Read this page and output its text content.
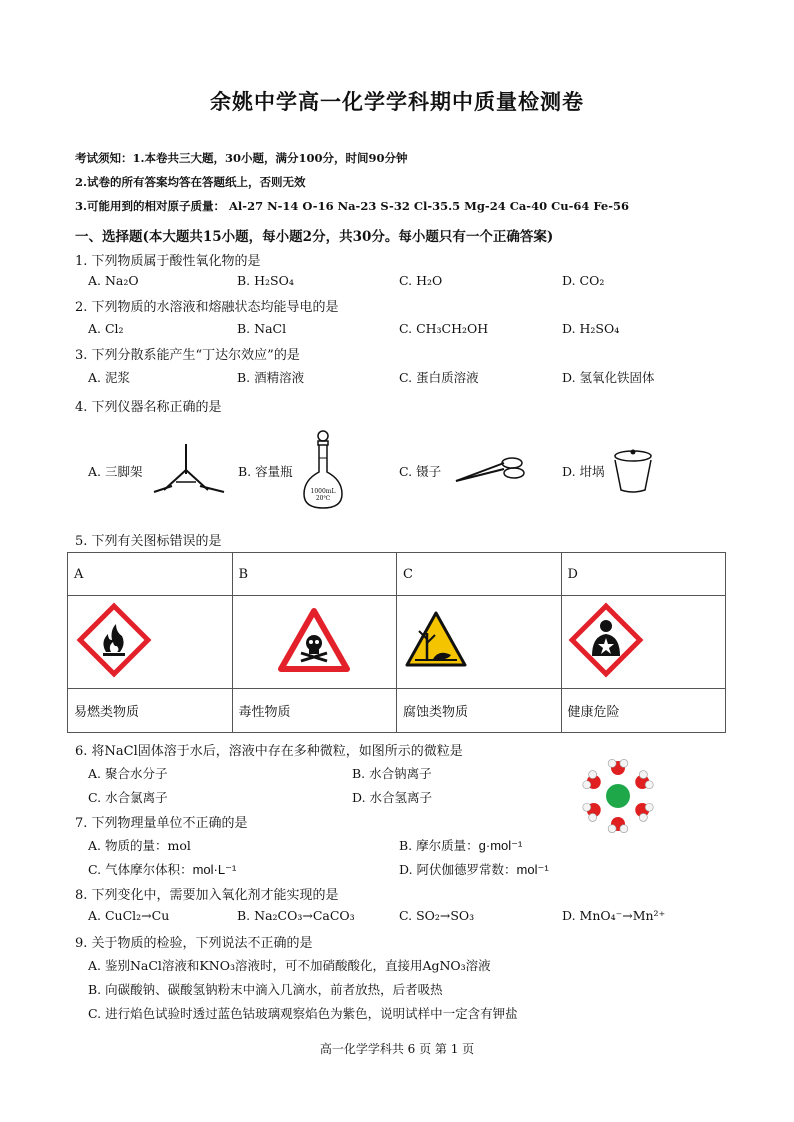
余姚中学高一化学学科期中质量检测卷
考试须知：1.本卷共三大题，30小题，满分100分，时间90分钟
2.试卷的所有答案均答在答题纸上，否则无效
3.可能用到的相对原子质量： Al-27 N-14 O-16 Na-23 S-32 Cl-35.5 Mg-24 Ca-40 Cu-64 Fe-56
一、选择题(本大题共15小题，每小题2分，共30分。每小题只有一个正确答案)
1. 下列物质属于酸性氧化物的是
A. Na₂O	B. H₂SO₄	C. H₂O	D. CO₂
2. 下列物质的水溶液和熔融状态均能导电的是
A. Cl₂	B. NaCl	C. CH₃CH₂OH	D. H₂SO₄
3. 下列分散系能产生“丁达尔效应”的是
A. 泥浆	B. 酒精溶液	C. 蛋白质溶液	D. 氢氧化铁固体
4. 下列仪器名称正确的是
A. 三脚架	B. 容量瓶
1000mL
20℃
C. 镊子	D. 坩埚
5. 下列有关图标错误的是
A	B	C	D

易燃类物质	毒性物质	腐蚀类物质	健康危险
6. 将NaCl固体溶于水后，溶液中存在多种微粒，如图所示的微粒是
A. 聚合水分子	B. 水合钠离子
C. 水合氯离子	D. 水合氢离子
7. 下列物理量单位不正确的是
A. 物质的量：mol	B. 摩尔质量：g·mol⁻¹
C. 气体摩尔体积：mol·L⁻¹	D. 阿伏伽德罗常数：mol⁻¹
8. 下列变化中，需要加入氧化剂才能实现的是
A. CuCl₂→Cu	B. Na₂CO₃→CaCO₃	C. SO₂→SO₃	D. MnO₄⁻→Mn²⁺
9. 关于物质的检验，下列说法不正确的是
A. 鉴别NaCl溶液和KNO₃溶液时，可不加硝酸酸化，直接用AgNO₃溶液
B. 向碳酸钠、碳酸氢钠粉末中滴入几滴水，前者放热，后者吸热
C. 进行焰色试验时透过蓝色钴玻璃观察焰色为紫色，说明试样中一定含有钾盐
高一化学学科共 6 页 第 1 页
